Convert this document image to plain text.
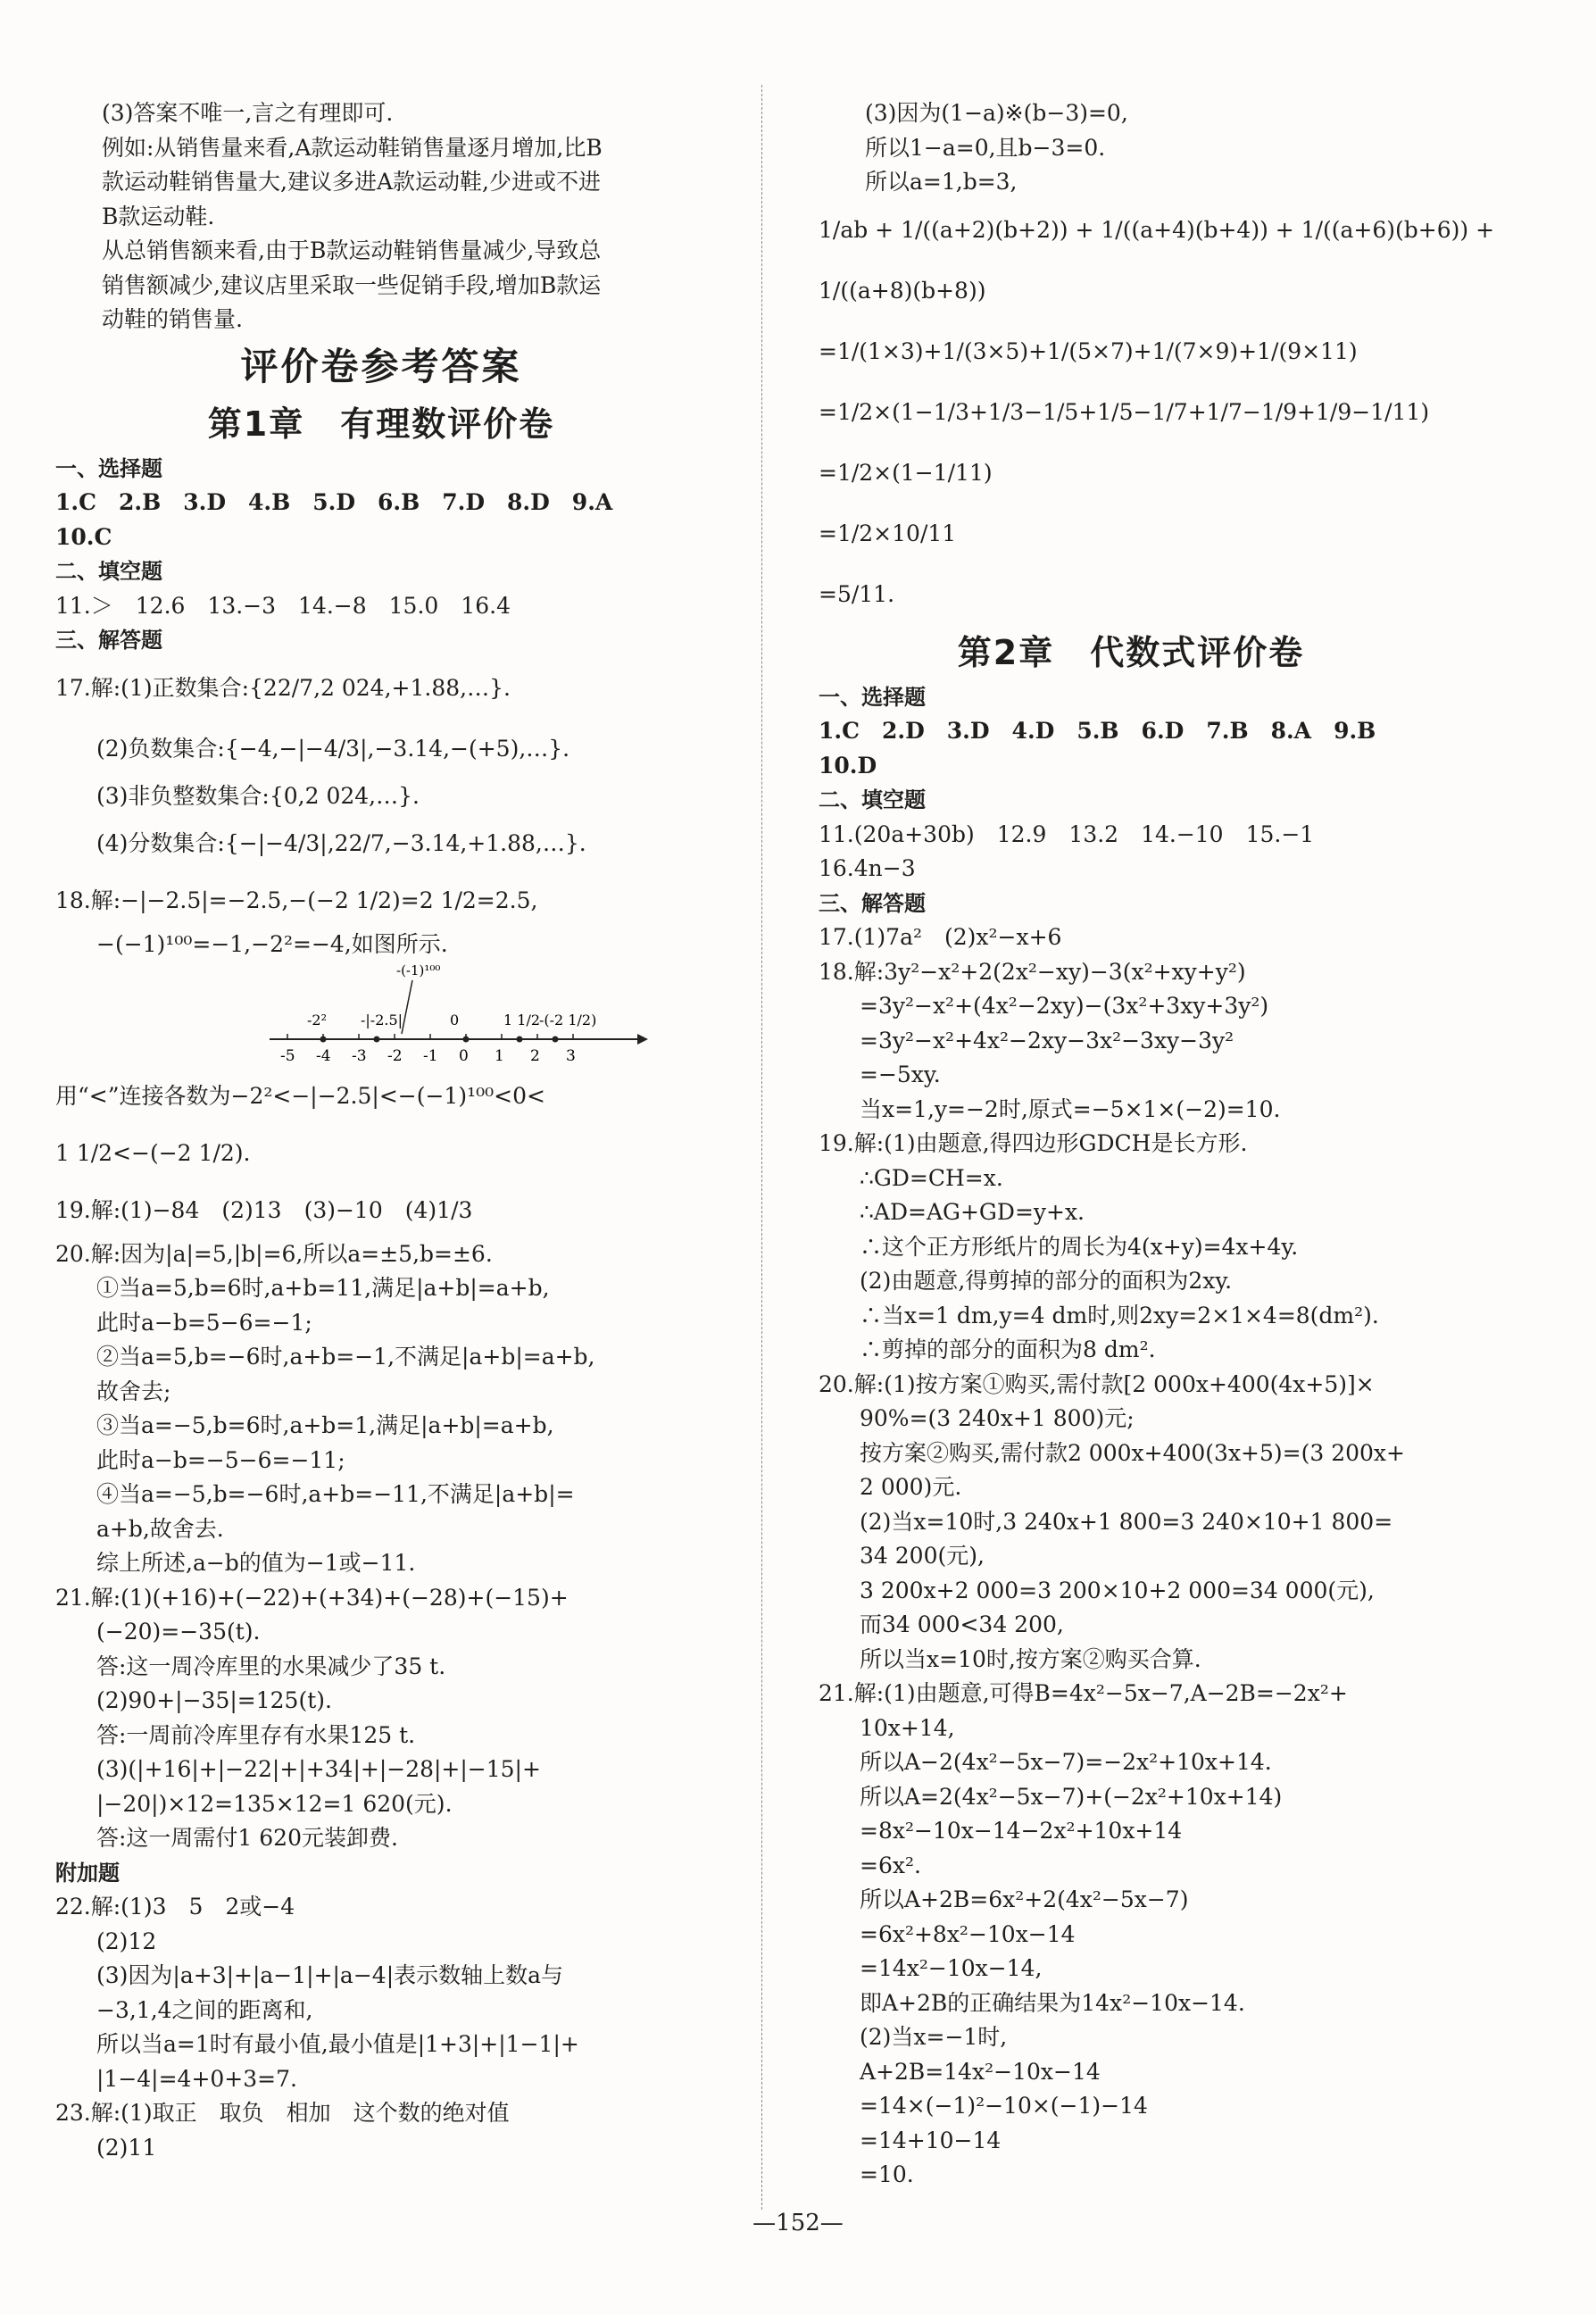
(3)答案不唯一,言之有理即可.
例如:从销售量来看,A款运动鞋销售量逐月增加,比B
款运动鞋销售量大,建议多进A款运动鞋,少进或不进
B款运动鞋.
从总销售额来看,由于B款运动鞋销售量减少,导致总
销售额减少,建议店里采取一些促销手段,增加B款运
动鞋的销售量.
评价卷参考答案
第1章　有理数评价卷
一、选择题
1.C　2.B　3.D　4.B　5.D　6.B　7.D　8.D　9.A
10.C
二、填空题
11.＞　12.6　13.−3　14.−8　15.0　16.4
三、解答题
17.解:(1)正数集合:{22/7,2 024,+1.88,…}.
(2)负数集合:{−4,−|−4/3|,−3.14,−(+5),…}.
(3)非负整数集合:{0,2 024,…}.
(4)分数集合:{−|−4/3|,22/7,−3.14,+1.88,…}.
18.解:−|−2.5|=−2.5,−(−2 1/2)=2 1/2=2.5,
−(−1)¹⁰⁰=−1,−2²=−4,如图所示.
-5 -4 -3 -2 -1 0 1 2 3
-2² -|-2.5|	0	1 1/2
-(-2 1/2)
-(-1)¹⁰⁰
用“<”连接各数为−2²<−|−2.5|<−(−1)¹⁰⁰<0<
1 1/2<−(−2 1/2).
19.解:(1)−84　(2)13　(3)−10　(4)1/3
20.解:因为|a|=5,|b|=6,所以a=±5,b=±6.
①当a=5,b=6时,a+b=11,满足|a+b|=a+b,
此时a−b=5−6=−1;
②当a=5,b=−6时,a+b=−1,不满足|a+b|=a+b,
故舍去;
③当a=−5,b=6时,a+b=1,满足|a+b|=a+b,
此时a−b=−5−6=−11;
④当a=−5,b=−6时,a+b=−11,不满足|a+b|=
a+b,故舍去.
综上所述,a−b的值为−1或−11.
21.解:(1)(+16)+(−22)+(+34)+(−28)+(−15)+
(−20)=−35(t).
答:这一周冷库里的水果减少了35 t.
(2)90+|−35|=125(t).
答:一周前冷库里存有水果125 t.
(3)(|+16|+|−22|+|+34|+|−28|+|−15|+
|−20|)×12=135×12=1 620(元).
答:这一周需付1 620元装卸费.
附加题
22.解:(1)3　5　2或−4
(2)12
(3)因为|a+3|+|a−1|+|a−4|表示数轴上数a与
−3,1,4之间的距离和,
所以当a=1时有最小值,最小值是|1+3|+|1−1|+
|1−4|=4+0+3=7.
23.解:(1)取正　取负　相加　这个数的绝对值
(2)11
(3)因为(1−a)※(b−3)=0,
所以1−a=0,且b−3=0.
所以a=1,b=3,
1/ab + 1/((a+2)(b+2)) + 1/((a+4)(b+4)) + 1/((a+6)(b+6)) +
1/((a+8)(b+8))
=1/(1×3)+1/(3×5)+1/(5×7)+1/(7×9)+1/(9×11)
=1/2×(1−1/3+1/3−1/5+1/5−1/7+1/7−1/9+1/9−1/11)
=1/2×(1−1/11)
=1/2×10/11
=5/11.
第2章　代数式评价卷
一、选择题
1.C　2.D　3.D　4.D　5.B　6.D　7.B　8.A　9.B
10.D
二、填空题
11.(20a+30b)　12.9　13.2　14.−10　15.−1
16.4n−3
三、解答题
17.(1)7a²　(2)x²−x+6
18.解:3y²−x²+2(2x²−xy)−3(x²+xy+y²)
=3y²−x²+(4x²−2xy)−(3x²+3xy+3y²)
=3y²−x²+4x²−2xy−3x²−3xy−3y²
=−5xy.
当x=1,y=−2时,原式=−5×1×(−2)=10.
19.解:(1)由题意,得四边形GDCH是长方形.
∴GD=CH=x.
∴AD=AG+GD=y+x.
∴这个正方形纸片的周长为4(x+y)=4x+4y.
(2)由题意,得剪掉的部分的面积为2xy.
∴当x=1 dm,y=4 dm时,则2xy=2×1×4=8(dm²).
∴剪掉的部分的面积为8 dm².
20.解:(1)按方案①购买,需付款[2 000x+400(4x+5)]×
90%=(3 240x+1 800)元;
按方案②购买,需付款2 000x+400(3x+5)=(3 200x+
2 000)元.
(2)当x=10时,3 240x+1 800=3 240×10+1 800=
34 200(元),
3 200x+2 000=3 200×10+2 000=34 000(元),
而34 000<34 200,
所以当x=10时,按方案②购买合算.
21.解:(1)由题意,可得B=4x²−5x−7,A−2B=−2x²+
10x+14,
所以A−2(4x²−5x−7)=−2x²+10x+14.
所以A=2(4x²−5x−7)+(−2x²+10x+14)
=8x²−10x−14−2x²+10x+14
=6x².
所以A+2B=6x²+2(4x²−5x−7)
=6x²+8x²−10x−14
=14x²−10x−14,
即A+2B的正确结果为14x²−10x−14.
(2)当x=−1时,
A+2B=14x²−10x−14
=14×(−1)²−10×(−1)−14
=14+10−14
=10.
—152—
